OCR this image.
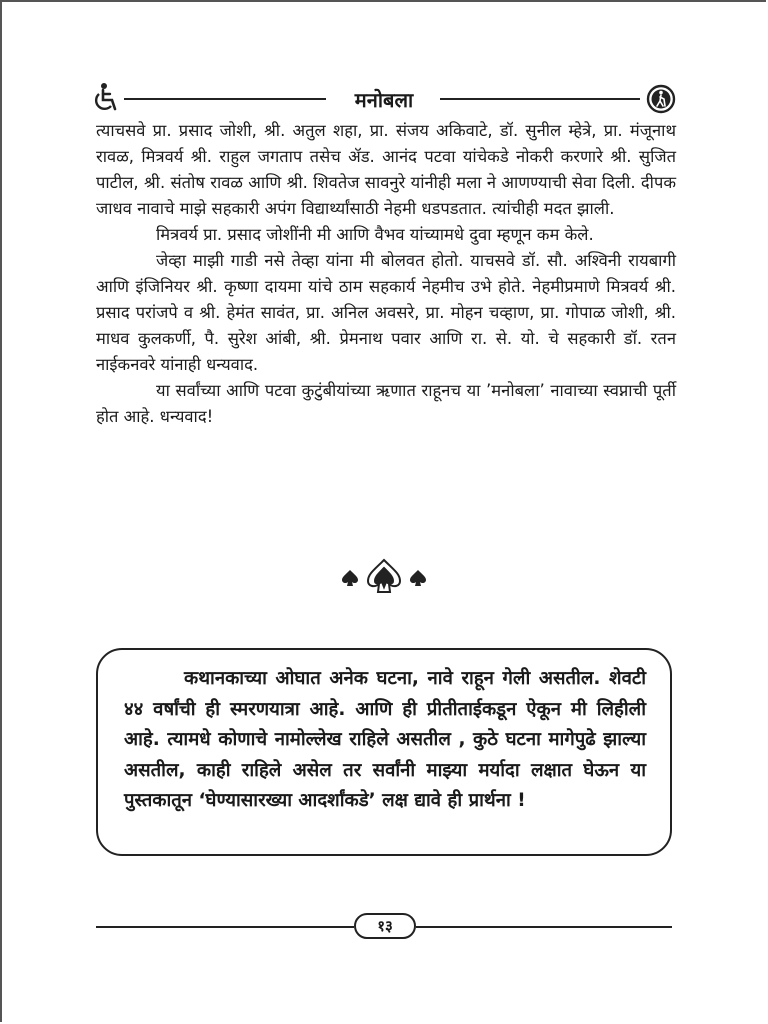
मनोबला

त्याचसवे प्रा. प्रसाद जोशी, श्री. अतुल शहा, प्रा. संजय अकिवाटे, डॉ. सुनील म्हेत्रे, प्रा. मंजूनाथ रावळ, मित्रवर्य श्री. राहुल जगताप तसेच ॲड. आनंद पटवा यांचेकडे नोकरी करणारे श्री. सुजित पाटील, श्री. संतोष रावळ आणि श्री. शिवतेज सावनुरे यांनीही मला ने आणण्याची सेवा दिली. दीपक जाधव नावाचे माझे सहकारी अपंग विद्यार्थ्यांसाठी नेहमी धडपडतात. त्यांचीही मदत झाली.

मित्रवर्य प्रा. प्रसाद जोशींनी मी आणि वैभव यांच्यामधे दुवा म्हणून कम केले.

जेव्हा माझी गाडी नसे तेव्हा यांना मी बोलवत होतो. याचसवे डॉ. सौ. अश्विनी रायबागी आणि इंजिनियर श्री. कृष्णा दायमा यांचे ठाम सहकार्य नेहमीच उभे होते. नेहमीप्रमाणे मित्रवर्य श्री. प्रसाद परांजपे व श्री. हेमंत सावंत, प्रा. अनिल अवसरे, प्रा. मोहन चव्हाण, प्रा. गोपाळ जोशी, श्री. माधव कुलकर्णी, पै. सुरेश आंबी, श्री. प्रेमनाथ पवार आणि रा. से. यो. चे सहकारी डॉ. रतन नाईकनवरे यांनाही धन्यवाद.

या सर्वांच्या आणि पटवा कुटुंबीयांच्या ऋणात राहूनच या ’मनोबला’ नावाच्या स्वप्नाची पूर्ती होत आहे. धन्यवाद!

कथानकाच्या ओघात अनेक घटना, नावे राहून गेली असतील. शेवटी ४४ वर्षांची ही स्मरणयात्रा आहे. आणि ही प्रीतीताईकडून ऐकून मी लिहीली आहे. त्यामधे कोणाचे नामोल्लेख राहिले असतील , कुठे घटना मागेपुढे झाल्या असतील, काही राहिले असेल तर सर्वांनी माझ्या मर्यादा लक्षात घेऊन या पुस्तकातून ‘घेण्यासारख्या आदर्शांकडे’ लक्ष द्यावे ही प्रार्थना !

१३
